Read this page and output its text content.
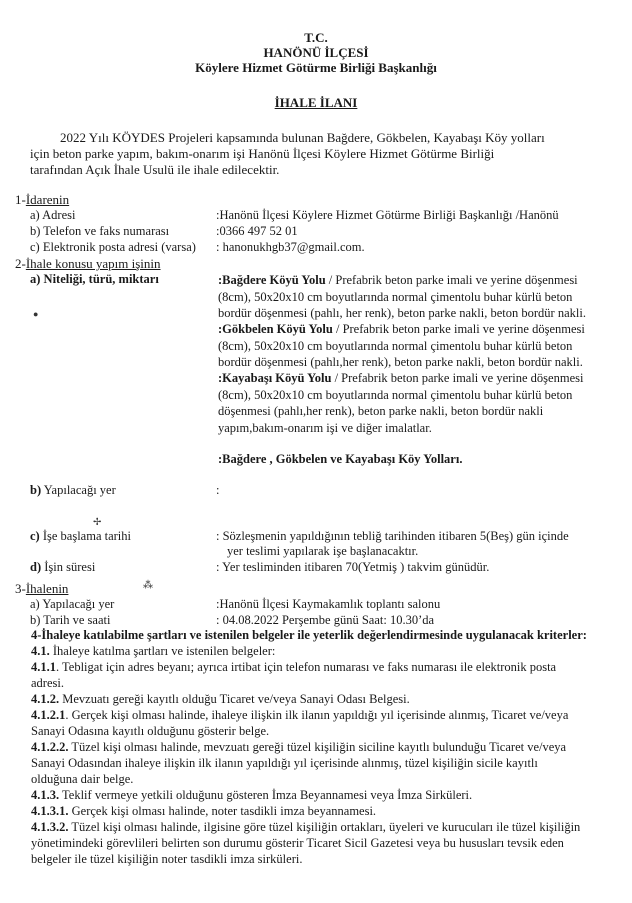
T.C.
HANÖNÜ İLÇESİ
Köylere Hizmet Götürme Birliği Başkanlığı
İHALE İLANI
2022 Yılı KÖYDES Projeleri kapsamında bulunan Bağdere, Gökbelen, Kayabaşı Köy yolları
için beton parke yapım, bakım-onarım işi Hanönü İlçesi Köylere Hizmet Götürme Birliği
tarafından Açık İhale Usulü ile ihale edilecektir.
1-İdarenin
a) Adresi	:Hanönü İlçesi Köylere Hizmet Götürme Birliği Başkanlığı /Hanönü
b) Telefon ve faks numarası	:0366 497 52 01
c) Elektronik posta adresi (varsa) : hanonukhgb37@gmail.com.
2-İhale konusu yapım işinin
a) Niteliği, türü, miktarı
●
:Bağdere Köyü Yolu / Prefabrik beton parke imali ve yerine döşenmesi
(8cm), 50x20x10 cm boyutlarında normal çimentolu buhar kürlü beton
bordür döşenmesi (pahlı, her renk), beton parke nakli, beton bordür nakli.
:Gökbelen Köyü Yolu / Prefabrik beton parke imali ve yerine döşenmesi
(8cm), 50x20x10 cm boyutlarında normal çimentolu buhar kürlü beton
bordür döşenmesi (pahlı,her renk), beton parke nakli, beton bordür nakli.
:Kayabaşı Köyü Yolu / Prefabrik beton parke imali ve yerine döşenmesi
(8cm), 50x20x10 cm boyutlarında normal çimentolu buhar kürlü beton
döşenmesi (pahlı,her renk), beton parke nakli, beton bordür nakli
yapım,bakım-onarım işi ve diğer imalatlar.
:Bağdere , Gökbelen ve Kayabaşı Köy Yolları.
b) Yapılacağı yer	:
✢
c) İşe başlama tarihi	: Sözleşmenin yapıldığının tebliğ tarihinden itibaren 5(Beş) gün içinde
yer teslimi yapılarak işe başlanacaktır.
d) İşin süresi	: Yer tesliminden itibaren 70(Yetmiş ) takvim günüdür.
⁂
3-İhalenin
a) Yapılacağı yer	:Hanönü İlçesi Kaymakamlık toplantı salonu
b) Tarih ve saati	: 04.08.2022 Perşembe günü Saat: 10.30’da
4-İhaleye katılabilme şartları ve istenilen belgeler ile yeterlik değerlendirmesinde uygulanacak kriterler:
4.1. İhaleye katılma şartları ve istenilen belgeler:
4.1.1. Tebligat için adres beyanı; ayrıca irtibat için telefon numarası ve faks numarası ile elektronik posta
adresi.
4.1.2. Mevzuatı gereği kayıtlı olduğu Ticaret ve/veya Sanayi Odası Belgesi.
4.1.2.1. Gerçek kişi olması halinde, ihaleye ilişkin ilk ilanın yapıldığı yıl içerisinde alınmış, Ticaret ve/veya
Sanayi Odasına kayıtlı olduğunu gösterir belge.
4.1.2.2. Tüzel kişi olması halinde, mevzuatı gereği tüzel kişiliğin siciline kayıtlı bulunduğu Ticaret ve/veya
Sanayi Odasından ihaleye ilişkin ilk ilanın yapıldığı yıl içerisinde alınmış, tüzel kişiliğin sicile kayıtlı
olduğuna dair belge.
4.1.3. Teklif vermeye yetkili olduğunu gösteren İmza Beyannamesi veya İmza Sirküleri.
4.1.3.1. Gerçek kişi olması halinde, noter tasdikli imza beyannamesi.
4.1.3.2. Tüzel kişi olması halinde, ilgisine göre tüzel kişiliğin ortakları, üyeleri ve kurucuları ile tüzel kişiliğin
yönetimindeki görevlileri belirten son durumu gösterir Ticaret Sicil Gazetesi veya bu hususları tevsik eden
belgeler ile tüzel kişiliğin noter tasdikli imza sirküleri.
